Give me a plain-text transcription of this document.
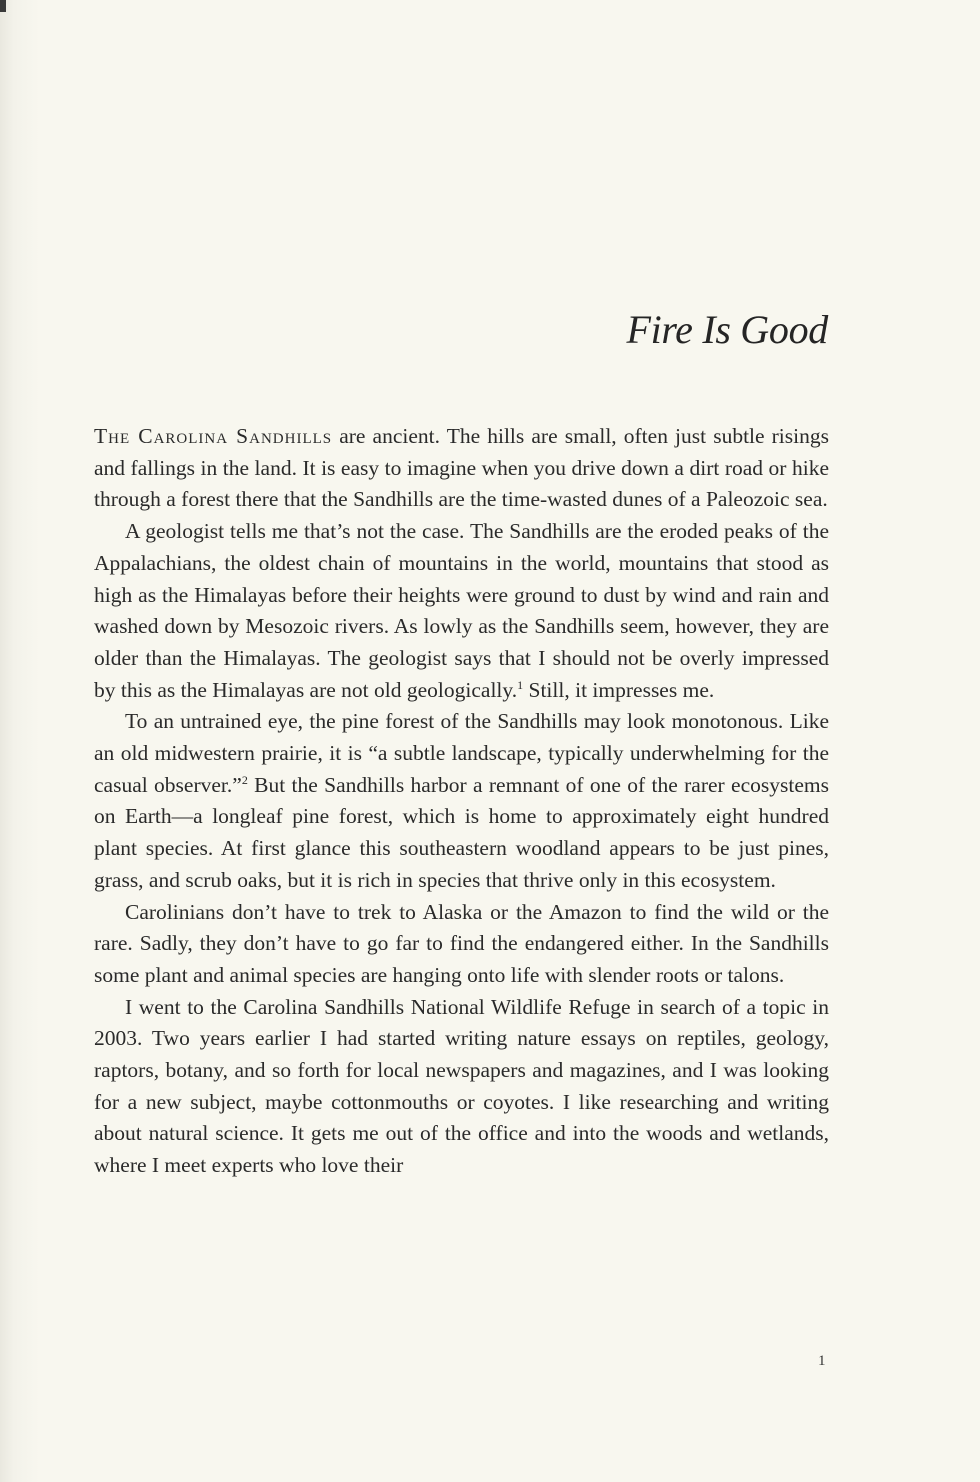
Fire Is Good

The Carolina Sandhills are ancient. The hills are small, often just subtle risings and fallings in the land. It is easy to imagine when you drive down a dirt road or hike through a forest there that the Sandhills are the time-wasted dunes of a Paleozoic sea.

A geologist tells me that’s not the case. The Sandhills are the eroded peaks of the Appalachians, the oldest chain of mountains in the world, mountains that stood as high as the Himalayas before their heights were ground to dust by wind and rain and washed down by Mesozoic rivers. As lowly as the Sandhills seem, however, they are older than the Himalayas. The geologist says that I should not be overly impressed by this as the Himalayas are not old geologically.$^1$ Still, it impresses me.

To an untrained eye, the pine forest of the Sandhills may look monotonous. Like an old midwestern prairie, it is “a subtle landscape, typically underwhelming for the casual observer.”$^2$ But the Sandhills harbor a remnant of one of the rarer ecosystems on Earth—a longleaf pine forest, which is home to approximately eight hundred plant species. At first glance this southeastern woodland appears to be just pines, grass, and scrub oaks, but it is rich in species that thrive only in this ecosystem.

Carolinians don’t have to trek to Alaska or the Amazon to find the wild or the rare. Sadly, they don’t have to go far to find the endangered either. In the Sandhills some plant and animal species are hanging onto life with slender roots or talons.

I went to the Carolina Sandhills National Wildlife Refuge in search of a topic in 2003. Two years earlier I had started writing nature essays on reptiles, geology, raptors, botany, and so forth for local newspapers and magazines, and I was looking for a new subject, maybe cottonmouths or coyotes. I like researching and writing about natural science. It gets me out of the office and into the woods and wetlands, where I meet experts who love their

1
